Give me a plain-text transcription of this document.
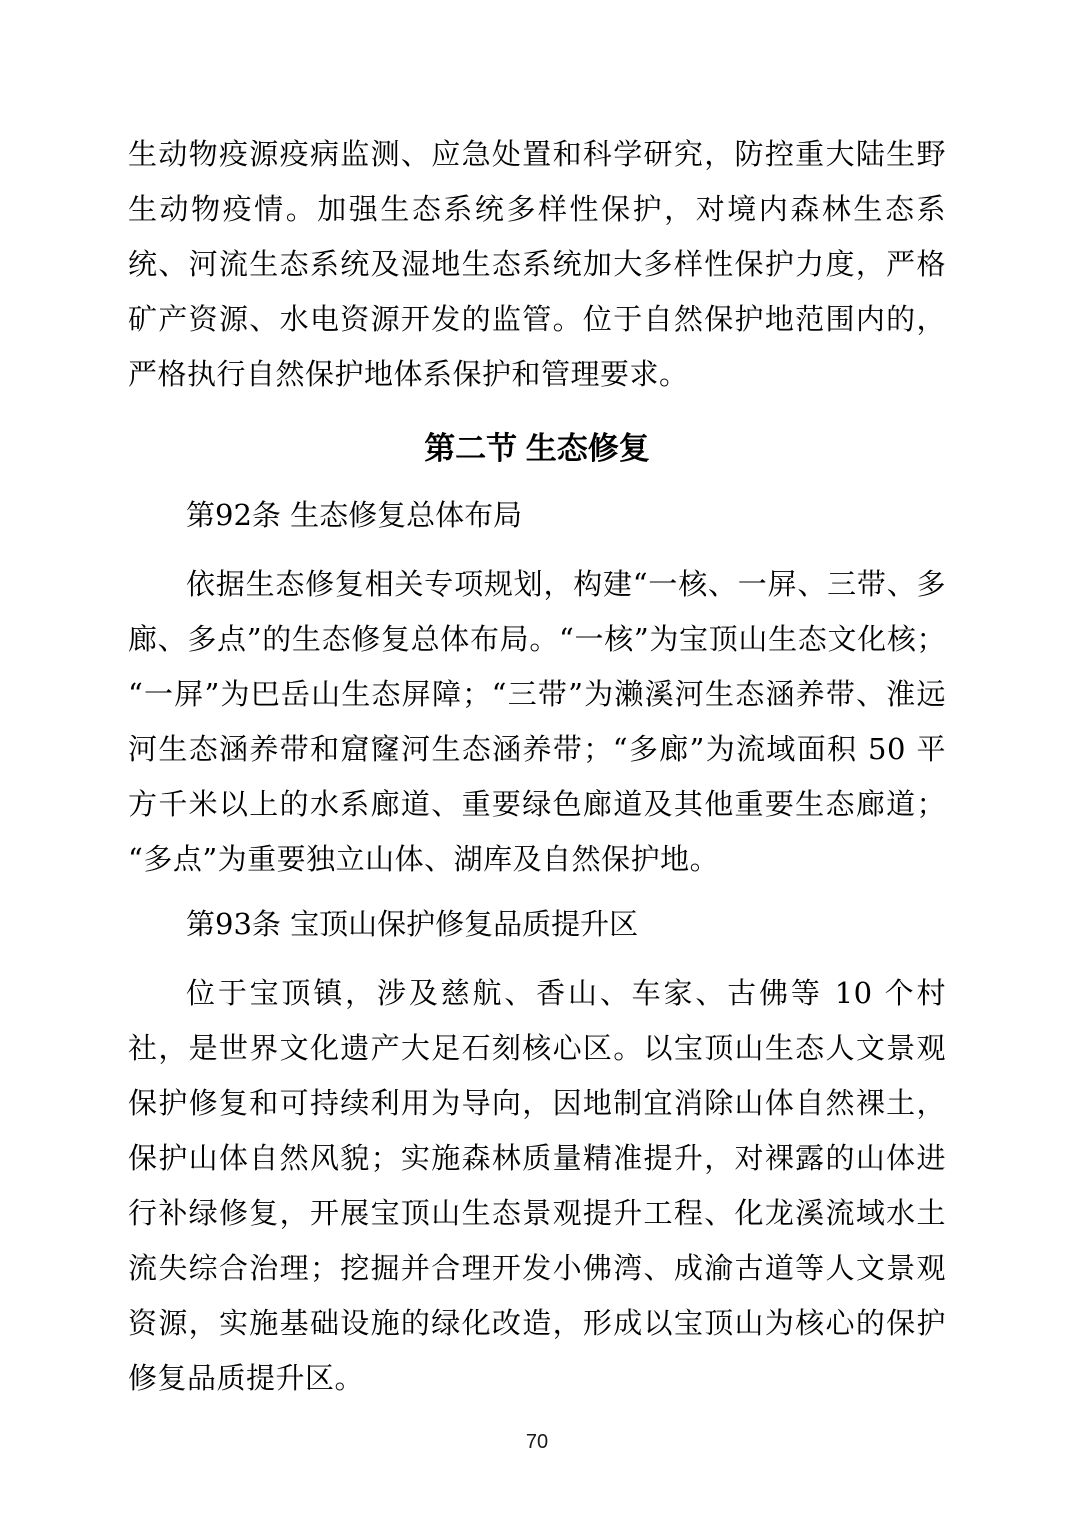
生动物疫源疫病监测、应急处置和科学研究，防控重大陆生野生动物疫情。加强生态系统多样性保护，对境内森林生态系统、河流生态系统及湿地生态系统加大多样性保护力度，严格矿产资源、水电资源开发的监管。位于自然保护地范围内的，严格执行自然保护地体系保护和管理要求。

第二节 生态修复
第92条 生态修复总体布局

依据生态修复相关专项规划，构建“一核、一屏、三带、多廊、多点”的生态修复总体布局。“一核”为宝顶山生态文化核；“一屏”为巴岳山生态屏障；“三带”为濑溪河生态涵养带、淮远河生态涵养带和窟窿河生态涵养带；“多廊”为流域面积 50 平方千米以上的水系廊道、重要绿色廊道及其他重要生态廊道；“多点”为重要独立山体、湖库及自然保护地。

第93条 宝顶山保护修复品质提升区

位于宝顶镇，涉及慈航、香山、车家、古佛等 10 个村社，是世界文化遗产大足石刻核心区。以宝顶山生态人文景观保护修复和可持续利用为导向，因地制宜消除山体自然裸土，保护山体自然风貌；实施森林质量精准提升，对裸露的山体进行补绿修复，开展宝顶山生态景观提升工程、化龙溪流域水土流失综合治理；挖掘并合理开发小佛湾、成渝古道等人文景观资源，实施基础设施的绿化改造，形成以宝顶山为核心的保护修复品质提升区。

70
